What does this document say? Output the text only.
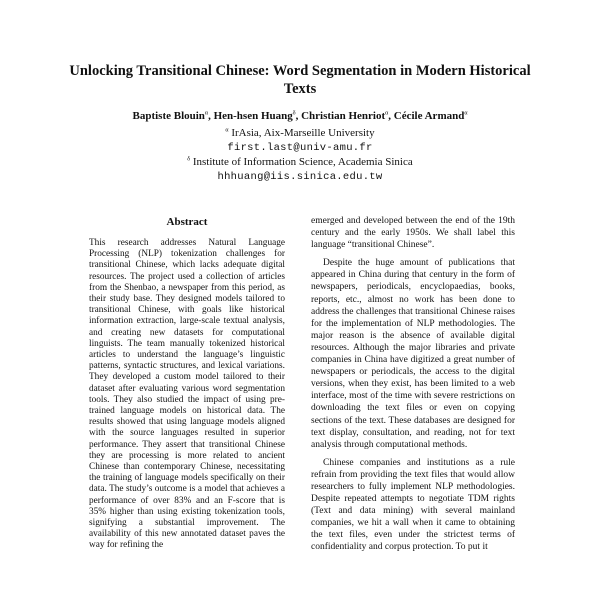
Unlocking Transitional Chinese: Word Segmentation in Modern Historical Texts
Baptiste Blouin$^\alpha$, Hen-hsen Huang$^\delta$, Christian Henriot$^\alpha$, Cécile Armand$^\alpha$
$^\alpha$ IrAsia, Aix-Marseille University
first.last@univ-amu.fr
$^\delta$ Institute of Information Science, Academia Sinica
hhhuang@iis.sinica.edu.tw
Abstract

This research addresses Natural Language Processing (NLP) tokenization challenges for transitional Chinese, which lacks adequate digital resources. The project used a collection of articles from the Shenbao, a newspaper from this period, as their study base. They designed models tailored to transitional Chinese, with goals like historical information extraction, large-scale textual analysis, and creating new datasets for computational linguists. The team manually tokenized historical articles to understand the language’s linguistic patterns, syntactic structures, and lexical variations. They developed a custom model tailored to their dataset after evaluating various word segmentation tools. They also studied the impact of using pre-trained language models on historical data. The results showed that using language models aligned with the source languages resulted in superior performance. They assert that transitional Chinese they are processing is more related to ancient Chinese than contemporary Chinese, necessitating the training of language models specifically on their data. The study’s outcome is a model that achieves a performance of over 83% and an F-score that is 35% higher than using existing tokenization tools, signifying a substantial improvement. The availability of this new annotated dataset paves the way for refining the

emerged and developed between the end of the 19th century and the early 1950s. We shall label this language “transitional Chinese”.

Despite the huge amount of publications that appeared in China during that century in the form of newspapers, periodicals, encyclopaedias, books, reports, etc., almost no work has been done to address the challenges that transitional Chinese raises for the implementation of NLP methodologies. The major reason is the absence of available digital resources. Although the major libraries and private companies in China have digitized a great number of newspapers or periodicals, the access to the digital versions, when they exist, has been limited to a web interface, most of the time with severe restrictions on downloading the text files or even on copying sections of the text. These databases are designed for text display, consultation, and reading, not for text analysis through computational methods.

Chinese companies and institutions as a rule refrain from providing the text files that would allow researchers to fully implement NLP methodologies. Despite repeated attempts to negotiate TDM rights (Text and data mining) with several mainland companies, we hit a wall when it came to obtaining the text files, even under the strictest terms of confidentiality and corpus protection. To put it
